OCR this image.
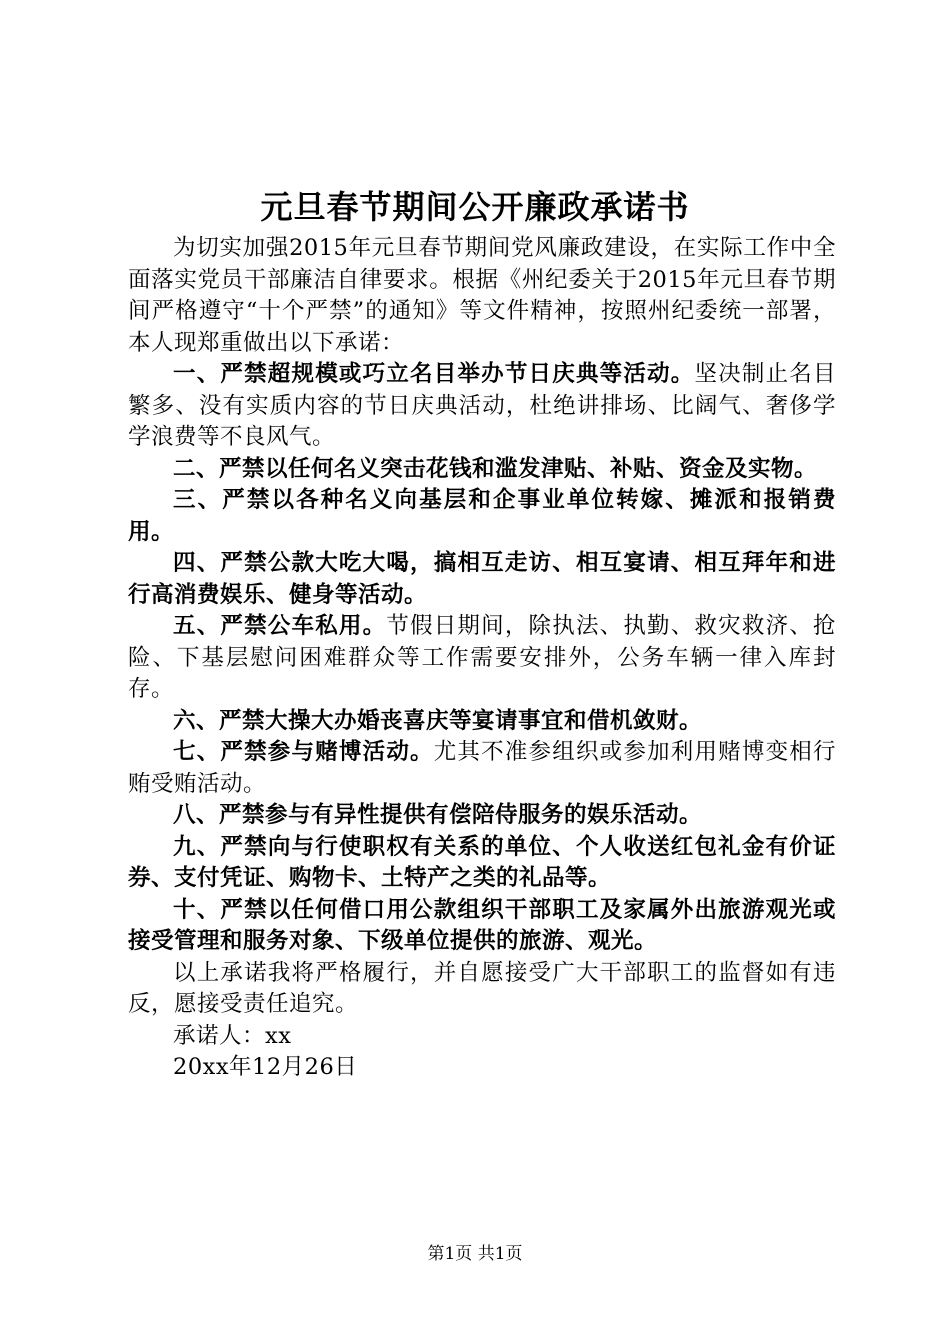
元旦春节期间公开廉政承诺书

为切实加强2015年元旦春节期间党风廉政建设，在实际工作中全面落实党员干部廉洁自律要求。根据《州纪委关于2015年元旦春节期间严格遵守“十个严禁”的通知》等文件精神，按照州纪委统一部署，本人现郑重做出以下承诺：

一、严禁超规模或巧立名目举办节日庆典等活动。坚决制止名目繁多、没有实质内容的节日庆典活动，杜绝讲排场、比阔气、奢侈学学浪费等不良风气。

二、严禁以任何名义突击花钱和滥发津贴、补贴、资金及实物。

三、严禁以各种名义向基层和企事业单位转嫁、摊派和报销费用。

四、严禁公款大吃大喝，搞相互走访、相互宴请、相互拜年和进行高消费娱乐、健身等活动。

五、严禁公车私用。节假日期间，除执法、执勤、救灾救济、抢险、下基层慰问困难群众等工作需要安排外，公务车辆一律入库封存。

六、严禁大操大办婚丧喜庆等宴请事宜和借机敛财。

七、严禁参与赌博活动。尤其不准参组织或参加利用赌博变相行贿受贿活动。

八、严禁参与有异性提供有偿陪侍服务的娱乐活动。

九、严禁向与行使职权有关系的单位、个人收送红包礼金有价证券、支付凭证、购物卡、土特产之类的礼品等。

十、严禁以任何借口用公款组织干部职工及家属外出旅游观光或接受管理和服务对象、下级单位提供的旅游、观光。

以上承诺我将严格履行，并自愿接受广大干部职工的监督如有违反，愿接受责任追究。

承诺人：xx

20xx年12月26日

第1页 共1页
